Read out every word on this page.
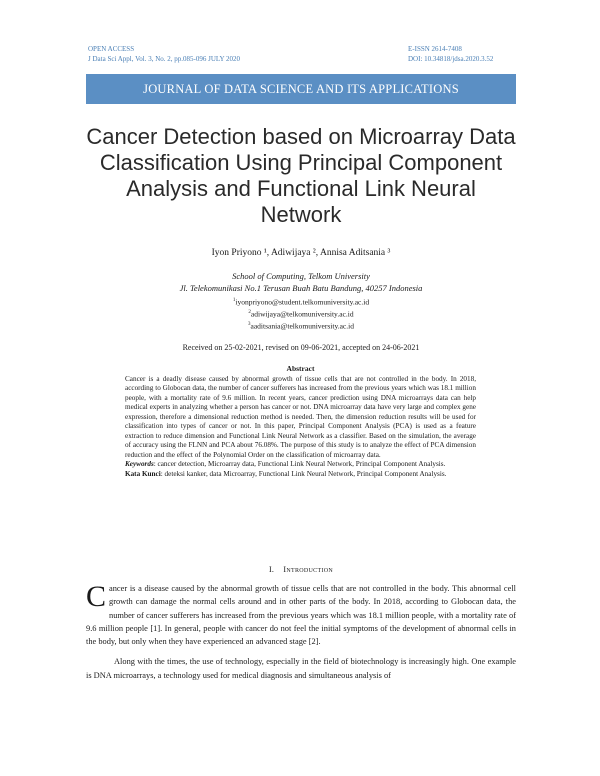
OPEN ACCESS
J Data Sci Appl, Vol. 3, No. 2, pp.085-096 JULY 2020
E-ISSN 2614-7408
DOI: 10.34818/jdsa.2020.3.52
JOURNAL OF DATA SCIENCE AND ITS APPLICATIONS
Cancer Detection based on Microarray Data
Classification Using Principal Component
Analysis and Functional Link Neural
Network
Iyon Priyono ¹, Adiwijaya ², Annisa Aditsania ³
School of Computing, Telkom University
Jl. Telekomunikasi No.1 Terusan Buah Batu Bandung, 40257 Indonesia
$^1$iyonpriyono@student.telkomuniversity.ac.id
$^2$adiwijaya@telkomuniversity.ac.id
$^3$aaditsania@telkomuniversity.ac.id
Received on 25-02-2021, revised on 09-06-2021, accepted on 24-06-2021
Abstract

Cancer is a deadly disease caused by abnormal growth of tissue cells that are not controlled in the body. In 2018, according to Globocan data, the number of cancer sufferers has increased from the previous years which was 18.1 million people, with a mortality rate of 9.6 million. In recent years, cancer prediction using DNA microarrays data can help medical experts in analyzing whether a person has cancer or not. DNA microarray data have very large and complex gene expression, therefore a dimensional reduction method is needed. Then, the dimension reduction results will be used for classification into types of cancer or not. In this paper, Principal Component Analysis (PCA) is used as a feature extraction to reduce dimension and Functional Link Neural Network as a classifier. Based on the simulation, the average of accuracy using the FLNN and PCA about 76.08%. The purpose of this study is to analyze the effect of PCA dimension reduction and the effect of the Polynomial Order on the classification of microarray data.

Keywords: cancer detection, Microarray data, Functional Link Neural Network, Principal Component Analysis.

Kata Kunci: deteksi kanker, data Microarray, Functional Link Neural Network, Principal Component Analysis.

I. Introduction

Cancer is a disease caused by the abnormal growth of tissue cells that are not controlled in the body. This abnormal cell growth can damage the normal cells around and in other parts of the body. In 2018, according to Globocan data, the number of cancer sufferers has increased from the previous years which was 18.1 million people, with a mortality rate of 9.6 million people [1]. In general, people with cancer do not feel the initial symptoms of the development of abnormal cells in the body, but only when they have experienced an advanced stage [2].

Along with the times, the use of technology, especially in the field of biotechnology is increasingly high. One example is DNA microarrays, a technology used for medical diagnosis and simultaneous analysis of
